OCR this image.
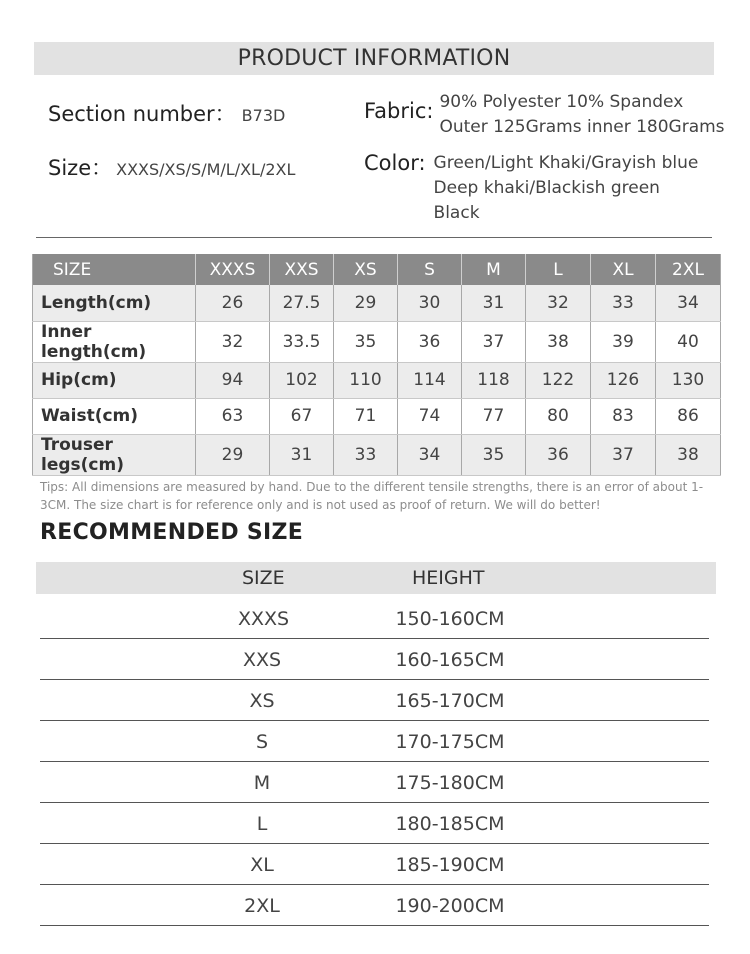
PRODUCT INFORMATION
Section number： B73D	Fabric: 90% Polyester 10% Spandex
Outer 125Grams inner 180Grams
Size： XXXS/XS/S/M/L/XL/2XL	Color: Green/Light Khaki/Grayish blue
Deep khaki/Blackish green
Black
SIZE	XXXS	XXS	XS	S	M	L	XL	2XL
Length(cm)	26	27.5	29	30	31	32	33	34
Inner length(cm)	32	33.5	35	36	37	38	39	40
Hip(cm)	94	102	110	114	118	122	126	130
Waist(cm)	63	67	71	74	77	80	83	86
Trouser legs(cm)	29	31	33	34	35	36	37	38

Tips: All dimensions are measured by hand. Due to the different tensile strengths, there is an error of about 1-3CM. The size chart is for reference only and is not used as proof of return. We will do better!

RECOMMENDED SIZE
SIZE	HEIGHT
XXXS	150-160CM
XXS	160-165CM
XS	165-170CM
S	170-175CM
M	175-180CM
L	180-185CM
XL	185-190CM
2XL	190-200CM
